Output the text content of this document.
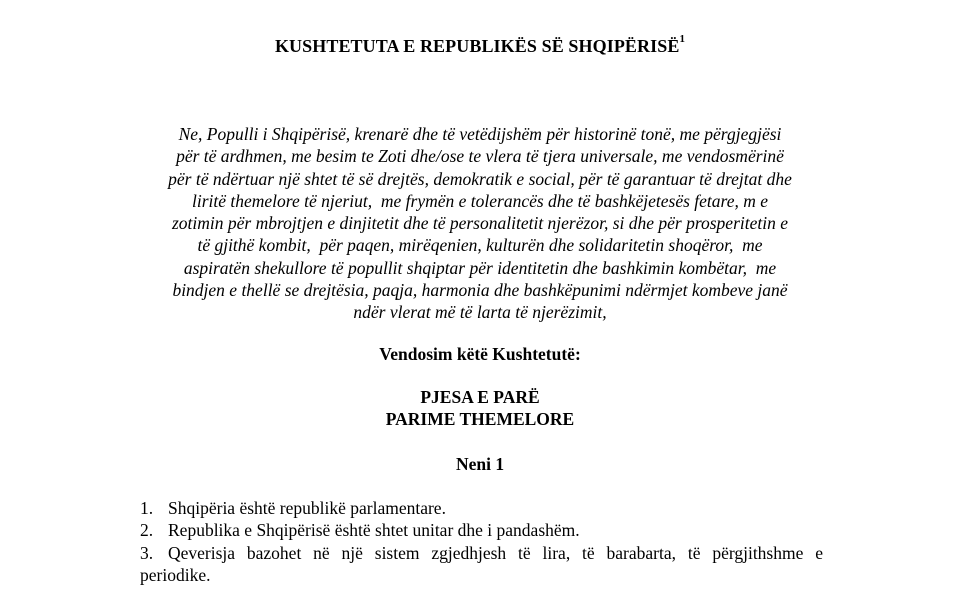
KUSHTETUTA E REPUBLIKËS SË SHQIPËRISË$^1$
Ne, Populli i Shqipërisë, krenarë dhe të vetëdijshëm për historinë tonë, me përgjegjësi
për të ardhmen, me besim te Zoti dhe/ose te vlera të tjera universale, me vendosmërinë
për të ndërtuar një shtet të së drejtës, demokratik e social, për të garantuar të drejtat dhe
liritë themelore të njeriut,  me frymën e tolerancës dhe të bashkëjetesës fetare, m e
zotimin për mbrojtjen e dinjitetit dhe të personalitetit njerëzor, si dhe për prosperitetin e
të gjithë kombit,  për paqen, mirëqenien, kulturën dhe solidaritetin shoqëror,  me
aspiratën shekullore të popullit shqiptar për identitetin dhe bashkimin kombëtar,  me
bindjen e thellë se drejtësia, paqja, harmonia dhe bashkëpunimi ndërmjet kombeve janë
ndër vlerat më të larta të njerëzimit,
Vendosim këtë Kushtetutë:
PJESA E PARË
PARIME THEMELORE
Neni 1
1. Shqipëria është republikë parlamentare.
2. Republika e Shqipërisë është shtet unitar dhe i pandashëm.
3. Qeverisja bazohet në një sistem zgjedhjesh të lira, të barabarta, të përgjithshme e
periodike.
